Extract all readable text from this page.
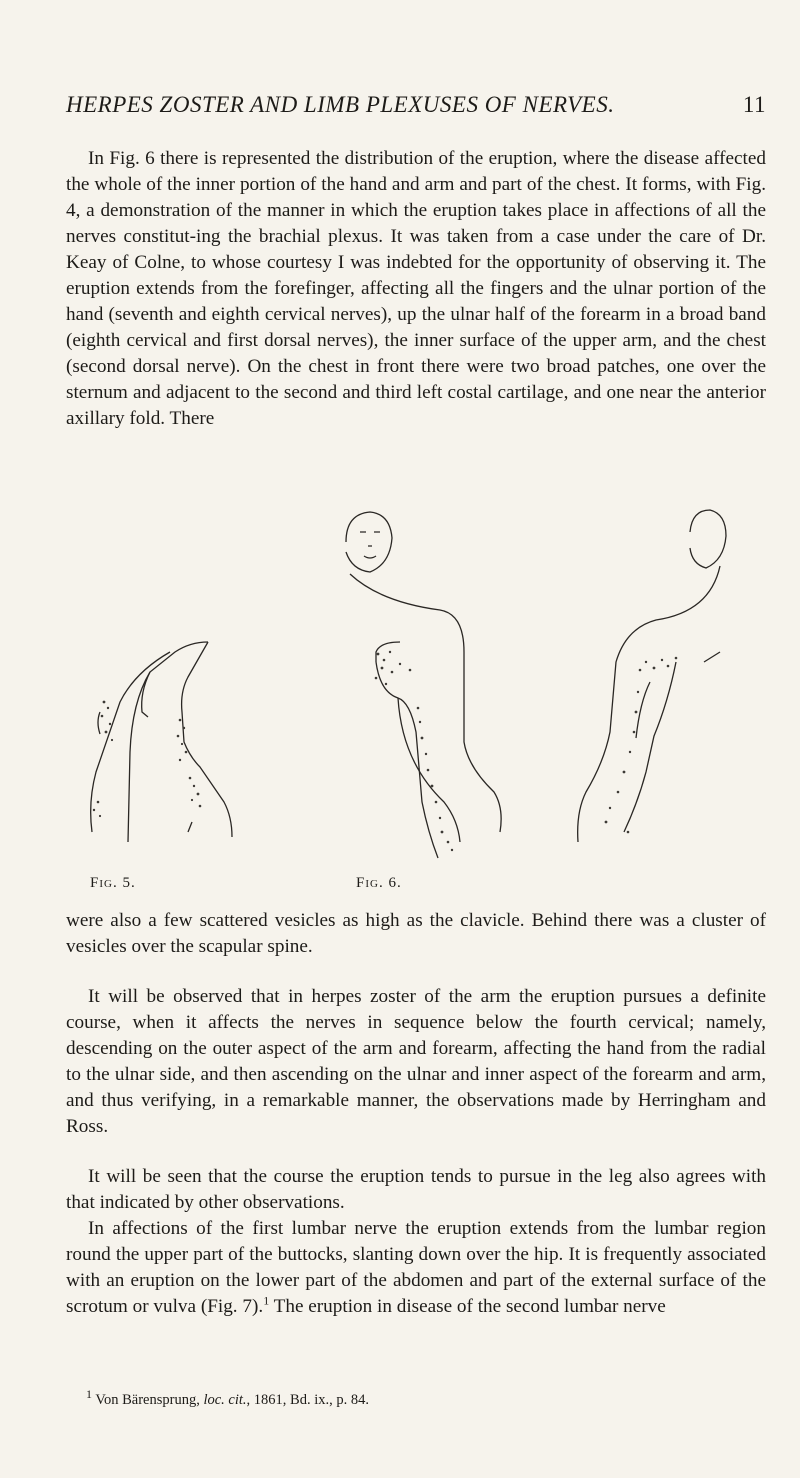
HERPES ZOSTER AND LIMB PLEXUSES OF NERVES.	11

In Fig. 6 there is represented the distribution of the eruption, where the disease affected the whole of the inner portion of the hand and arm and part of the chest. It forms, with Fig. 4, a demonstration of the manner in which the eruption takes place in affections of all the nerves constitut-ing the brachial plexus. It was taken from a case under the care of Dr. Keay of Colne, to whose courtesy I was indebted for the opportunity of observing it. The eruption extends from the forefinger, affecting all the fingers and the ulnar portion of the hand (seventh and eighth cervical nerves), up the ulnar half of the forearm in a broad band (eighth cervical and first dorsal nerves), the inner surface of the upper arm, and the chest (second dorsal nerve). On the chest in front there were two broad patches, one over the sternum and adjacent to the second and third left costal cartilage, and one near the anterior axillary fold. There

Fig. 5.	Fig. 6.

were also a few scattered vesicles as high as the clavicle. Behind there was a cluster of vesicles over the scapular spine.

It will be observed that in herpes zoster of the arm the eruption pursues a definite course, when it affects the nerves in sequence below the fourth cervical; namely, descending on the outer aspect of the arm and forearm, affecting the hand from the radial to the ulnar side, and then ascending on the ulnar and inner aspect of the forearm and arm, and thus verifying, in a remarkable manner, the observations made by Herringham and Ross.

It will be seen that the course the eruption tends to pursue in the leg also agrees with that indicated by other observations.

In affections of the first lumbar nerve the eruption extends from the lumbar region round the upper part of the buttocks, slanting down over the hip. It is frequently associated with an eruption on the lower part of the abdomen and part of the external surface of the scrotum or vulva (Fig. 7).$^1$ The eruption in disease of the second lumbar nerve

$^1$ Von Bärensprung, loc. cit., 1861, Bd. ix., p. 84.
